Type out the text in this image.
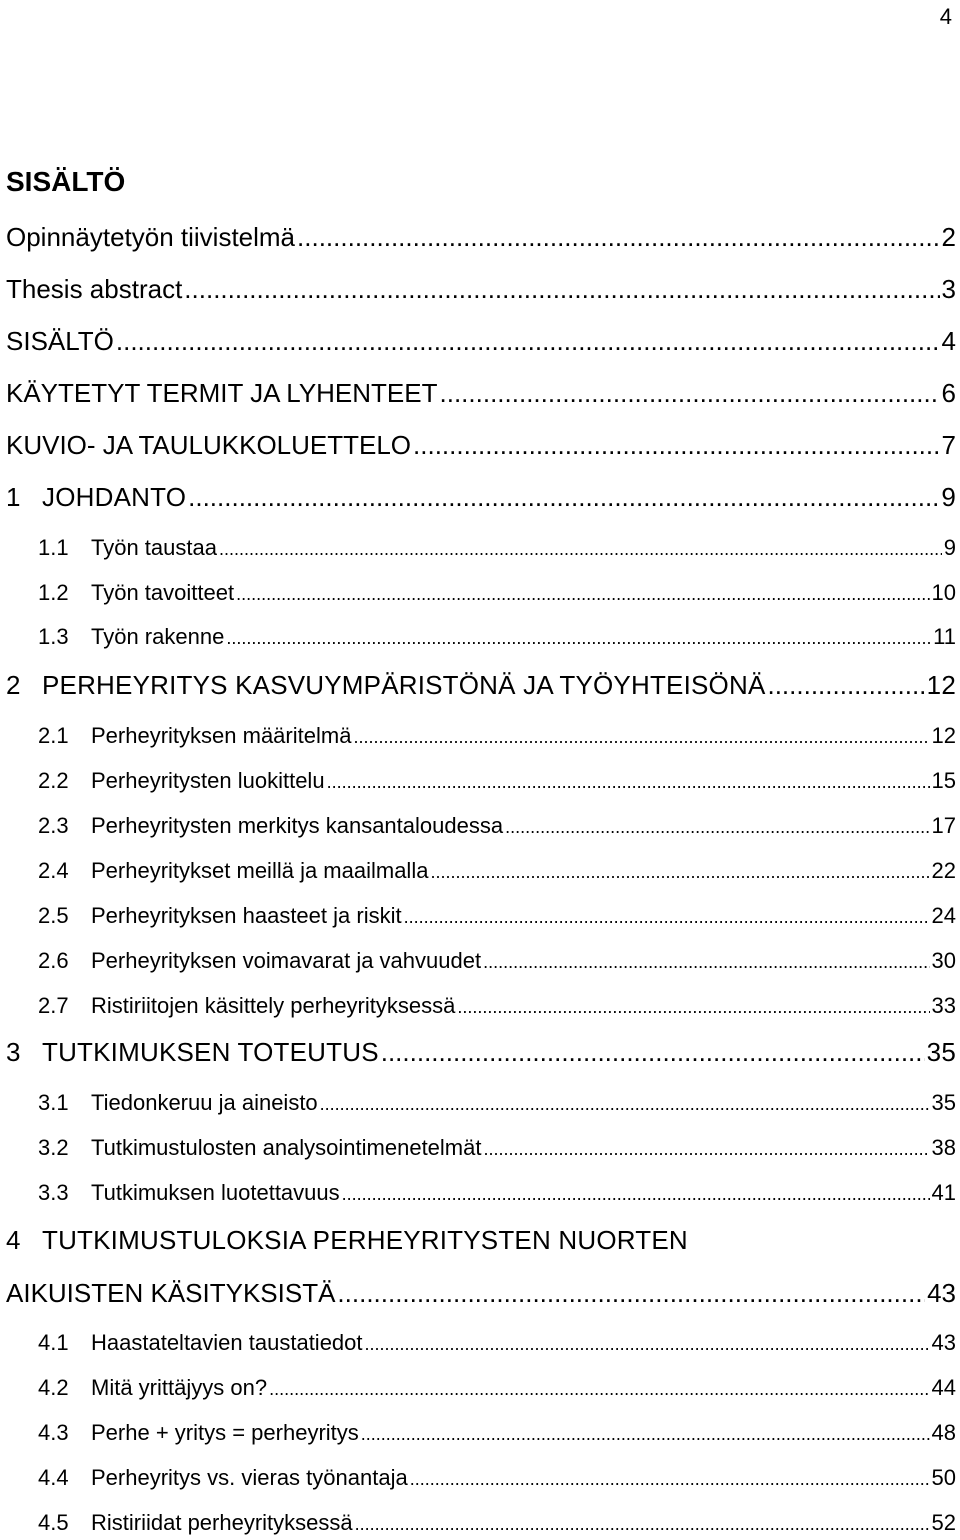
4
SISÄLTÖ
Opinnäytetyön tiivistelmä .....	2
Thesis abstract .....	3
SISÄLTÖ .....	4
KÄYTETYT TERMIT JA LYHENTEET .....	6
KUVIO- JA TAULUKKOLUETTELO .....	7
1 JOHDANTO .....	9
1.1	Työn taustaa .....	9
1.2	Työn tavoitteet .....	10
1.3	Työn rakenne .....	11
2 PERHEYRITYS KASVUYMPÄRISTÖNÄ JA TYÖYHTEISÖNÄ .....	12
2.1	Perheyrityksen määritelmä .....	12
2.2	Perheyritysten luokittelu .....	15
2.3	Perheyritysten merkitys kansantaloudessa .....	17
2.4	Perheyritykset meillä ja maailmalla .....	22
2.5	Perheyrityksen haasteet ja riskit .....	24
2.6	Perheyrityksen voimavarat ja vahvuudet .....	30
2.7	Ristiriitojen käsittely perheyrityksessä .....	33
3 TUTKIMUKSEN TOTEUTUS .....	35
3.1	Tiedonkeruu ja aineisto .....	35
3.2	Tutkimustulosten analysointimenetelmät .....	38
3.3	Tutkimuksen luotettavuus .....	41
4 TUTKIMUSTULOKSIA PERHEYRITYSTEN NUORTEN
AIKUISTEN KÄSITYKSISTÄ .....	43
4.1	Haastateltavien taustatiedot .....	43
4.2	Mitä yrittäjyys on? .....	44
4.3	Perhe + yritys = perheyritys .....	48
4.4	Perheyritys vs. vieras työnantaja .....	50
4.5	Ristiriidat perheyrityksessä .....	52
